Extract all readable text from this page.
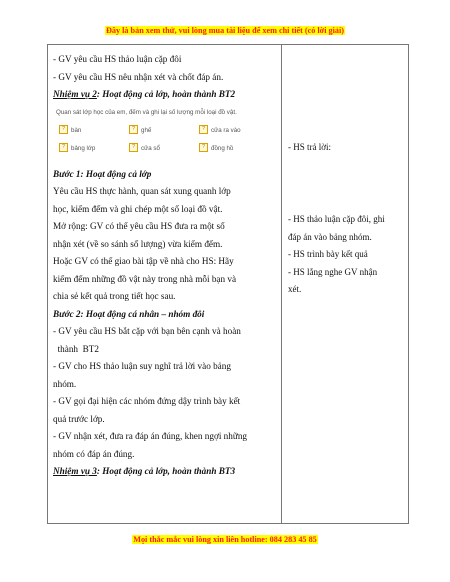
Đây là bản xem thử, vui lòng mua tài liệu để xem chi tiết (có lời giải)
- GV yêu cầu HS thảo luận cặp đôi
- GV yêu cầu HS nêu nhận xét và chốt đáp án.
Nhiệm vụ 2: Hoạt động cả lớp, hoàn thành BT2
Quan sát lớp học của em, đếm và ghi lại số lượng mỗi loại đồ vật.
? bàn	? ghế	? cửa ra vào
? bảng lớp	? cửa sổ	? đồng hồ
Bước 1: Hoạt động cả lớp
Yêu cầu HS thực hành, quan sát xung quanh lớp
học, kiểm đếm và ghi chép một số loại đồ vật.
Mở rộng: GV có thể yêu cầu HS đưa ra một số
nhận xét (về so sánh số lượng) vừa kiểm đếm.
Hoặc GV có thể giao bài tập về nhà cho HS: Hãy
kiểm đếm những đồ vật này trong nhà mỗi bạn và
chia sẻ kết quả trong tiết học sau.
Bước 2: Hoạt động cá nhân – nhóm đôi
- GV yêu cầu HS bắt cặp với bạn bên cạnh và hoàn
thành  BT2
- GV cho HS thảo luận suy nghĩ trả lời vào bảng
nhóm.
- GV gọi đại hiện các nhóm đứng dậy trình bày kết
quả trước lớp.
- GV nhận xét, đưa ra đáp án đúng, khen ngợi những
nhóm có đáp án đúng.
Nhiệm vụ 3: Hoạt động cả lớp, hoàn thành BT3
- HS trả lời:
- HS thảo luận cặp đôi, ghi
đáp án vào bảng nhóm.
- HS trình bày kết quả
- HS lắng nghe GV nhận
xét.
Mọi thắc mắc vui lòng xin liên hotline: 084 283 45 85
